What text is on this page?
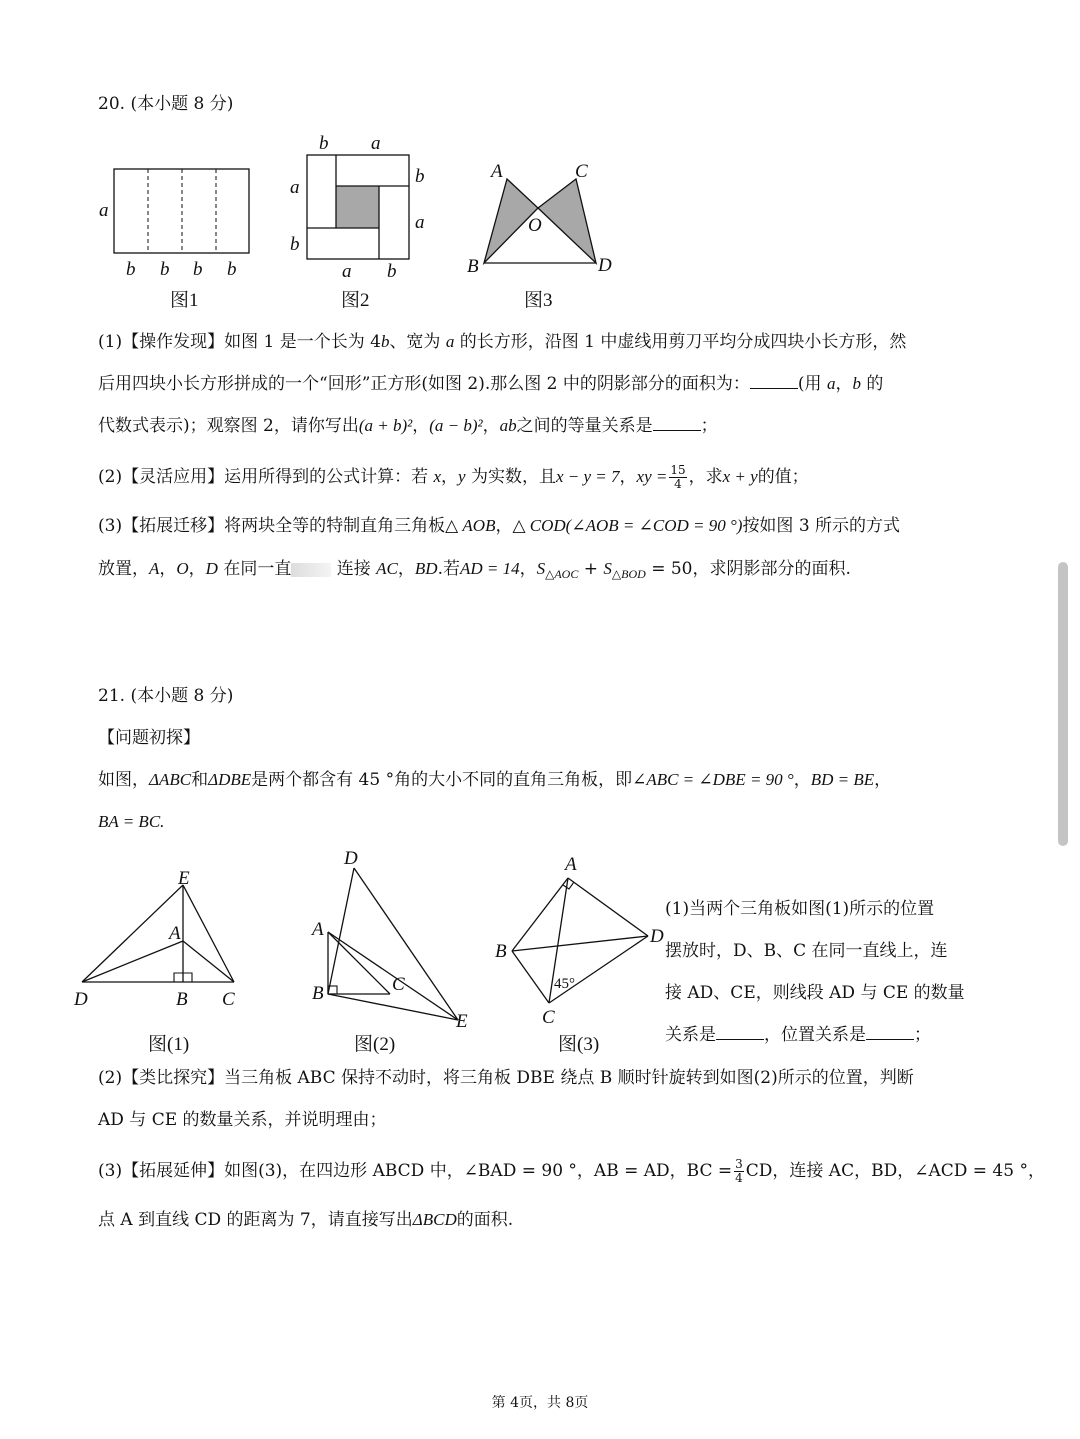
20. (本小题 8 分)
a
b b b b
图1
b a
a
b
b
a
a b
图2
A	C
O
B	D
图3
(1)【操作发现】如图 1 是一个长为 4b、宽为 a 的长方形，沿图 1 中虚线用剪刀平均分成四块小长方形，然
后用四块小长方形拼成的一个“回形”正方形(如图 2).那么图 2 中的阴影部分的面积为：	(用 a，b 的
代数式表示)；观察图 2，请你写出(a + b)²，(a − b)²，ab之间的等量关系是	；
(2)【灵活应用】运用所得到的公式计算：若 x，y 为实数，且x − y = 7，xy = $\frac{15}{4}$ ，求x + y的值；
(3)【拓展迁移】将两块全等的特制直角三角板△ AOB，△ COD(∠AOB = ∠COD = 90 °)按如图 3 所示的方式
放置，A，O，D 在同一直 连接 AC，BD.若AD = 14，$S_{\triangle AOC} + S_{\triangle BOD} = 50$，求阴影部分的面积.
21. (本小题 8 分)
【问题初探】
如图，ΔABC和ΔDBE是两个都含有 45 °角的大小不同的直角三角板，即∠ABC = ∠DBE = 90 °，BD = BE，
BA = BC.
E
A
D	B C
图(1)
D
A
B	C
E
图(2)
A
B
D
C
45°
图(3)
(1)当两个三角板如图(1)所示的位置
摆放时，D、B、C 在同一直线上，连
接 AD、CE，则线段 AD 与 CE 的数量
关系是	，位置关系是	；
(2)【类比探究】当三角板 ABC 保持不动时，将三角板 DBE 绕点 B 顺时针旋转到如图(2)所示的位置，判断
AD 与 CE 的数量关系，并说明理由；
(3)【拓展延伸】如图(3)，在四边形 ABCD 中，∠BAD = 90 °，AB = AD，BC = $\frac{3}{4}$ CD，连接 AC，BD，∠ACD = 45 °，
点 A 到直线 CD 的距离为 7，请直接写出ΔBCD的面积.
第 4页，共 8页
